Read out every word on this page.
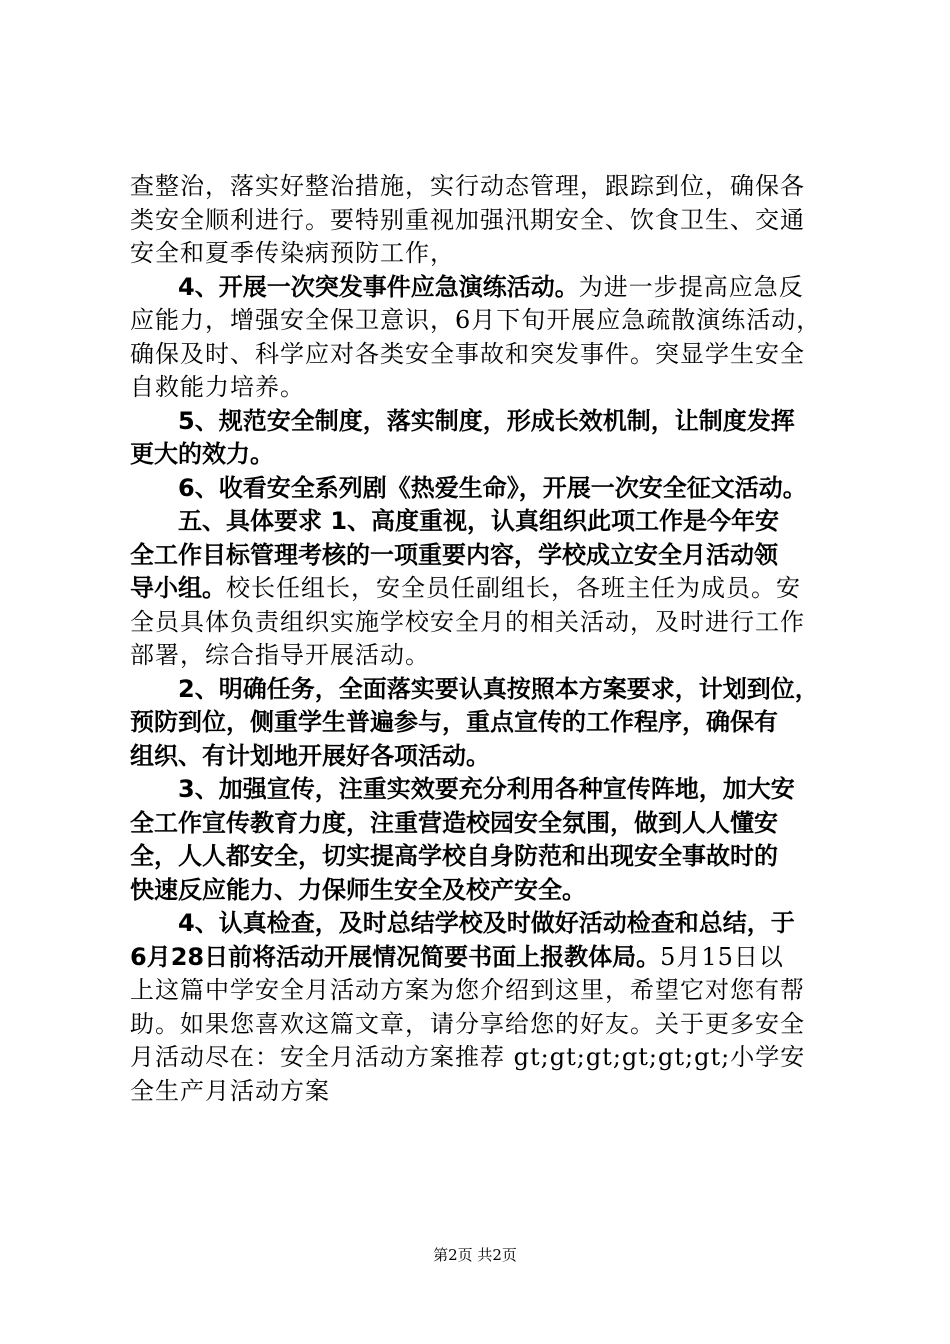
查整治，落实好整治措施，实行动态管理，跟踪到位，确保各
类安全顺利进行。要特别重视加强汛期安全、饮食卫生、交通
安全和夏季传染病预防工作，
4、开展一次突发事件应急演练活动。为进一步提高应急反
应能力，增强安全保卫意识，6月下旬开展应急疏散演练活动，
确保及时、科学应对各类安全事故和突发事件。突显学生安全
自救能力培养。
5、规范安全制度，落实制度，形成长效机制，让制度发挥
更大的效力。
6、收看安全系列剧《热爱生命》，开展一次安全征文活动。
五、具体要求 1、高度重视，认真组织此项工作是今年安
全工作目标管理考核的一项重要内容，学校成立安全月活动领
导小组。校长任组长，安全员任副组长，各班主任为成员。安
全员具体负责组织实施学校安全月的相关活动，及时进行工作
部署，综合指导开展活动。
2、明确任务，全面落实要认真按照本方案要求，计划到位，
预防到位，侧重学生普遍参与，重点宣传的工作程序，确保有
组织、有计划地开展好各项活动。
3、加强宣传，注重实效要充分利用各种宣传阵地，加大安
全工作宣传教育力度，注重营造校园安全氛围，做到人人懂安
全，人人都安全，切实提高学校自身防范和出现安全事故时的
快速反应能力、力保师生安全及校产安全。
4、认真检查，及时总结学校及时做好活动检查和总结，于
6月28日前将活动开展情况简要书面上报教体局。5月15日以
上这篇中学安全月活动方案为您介绍到这里，希望它对您有帮
助。如果您喜欢这篇文章，请分享给您的好友。关于更多安全
月活动尽在：安全月活动方案推荐 gt;gt;gt;gt;gt;gt;小学安
全生产月活动方案
第2页 共2页
